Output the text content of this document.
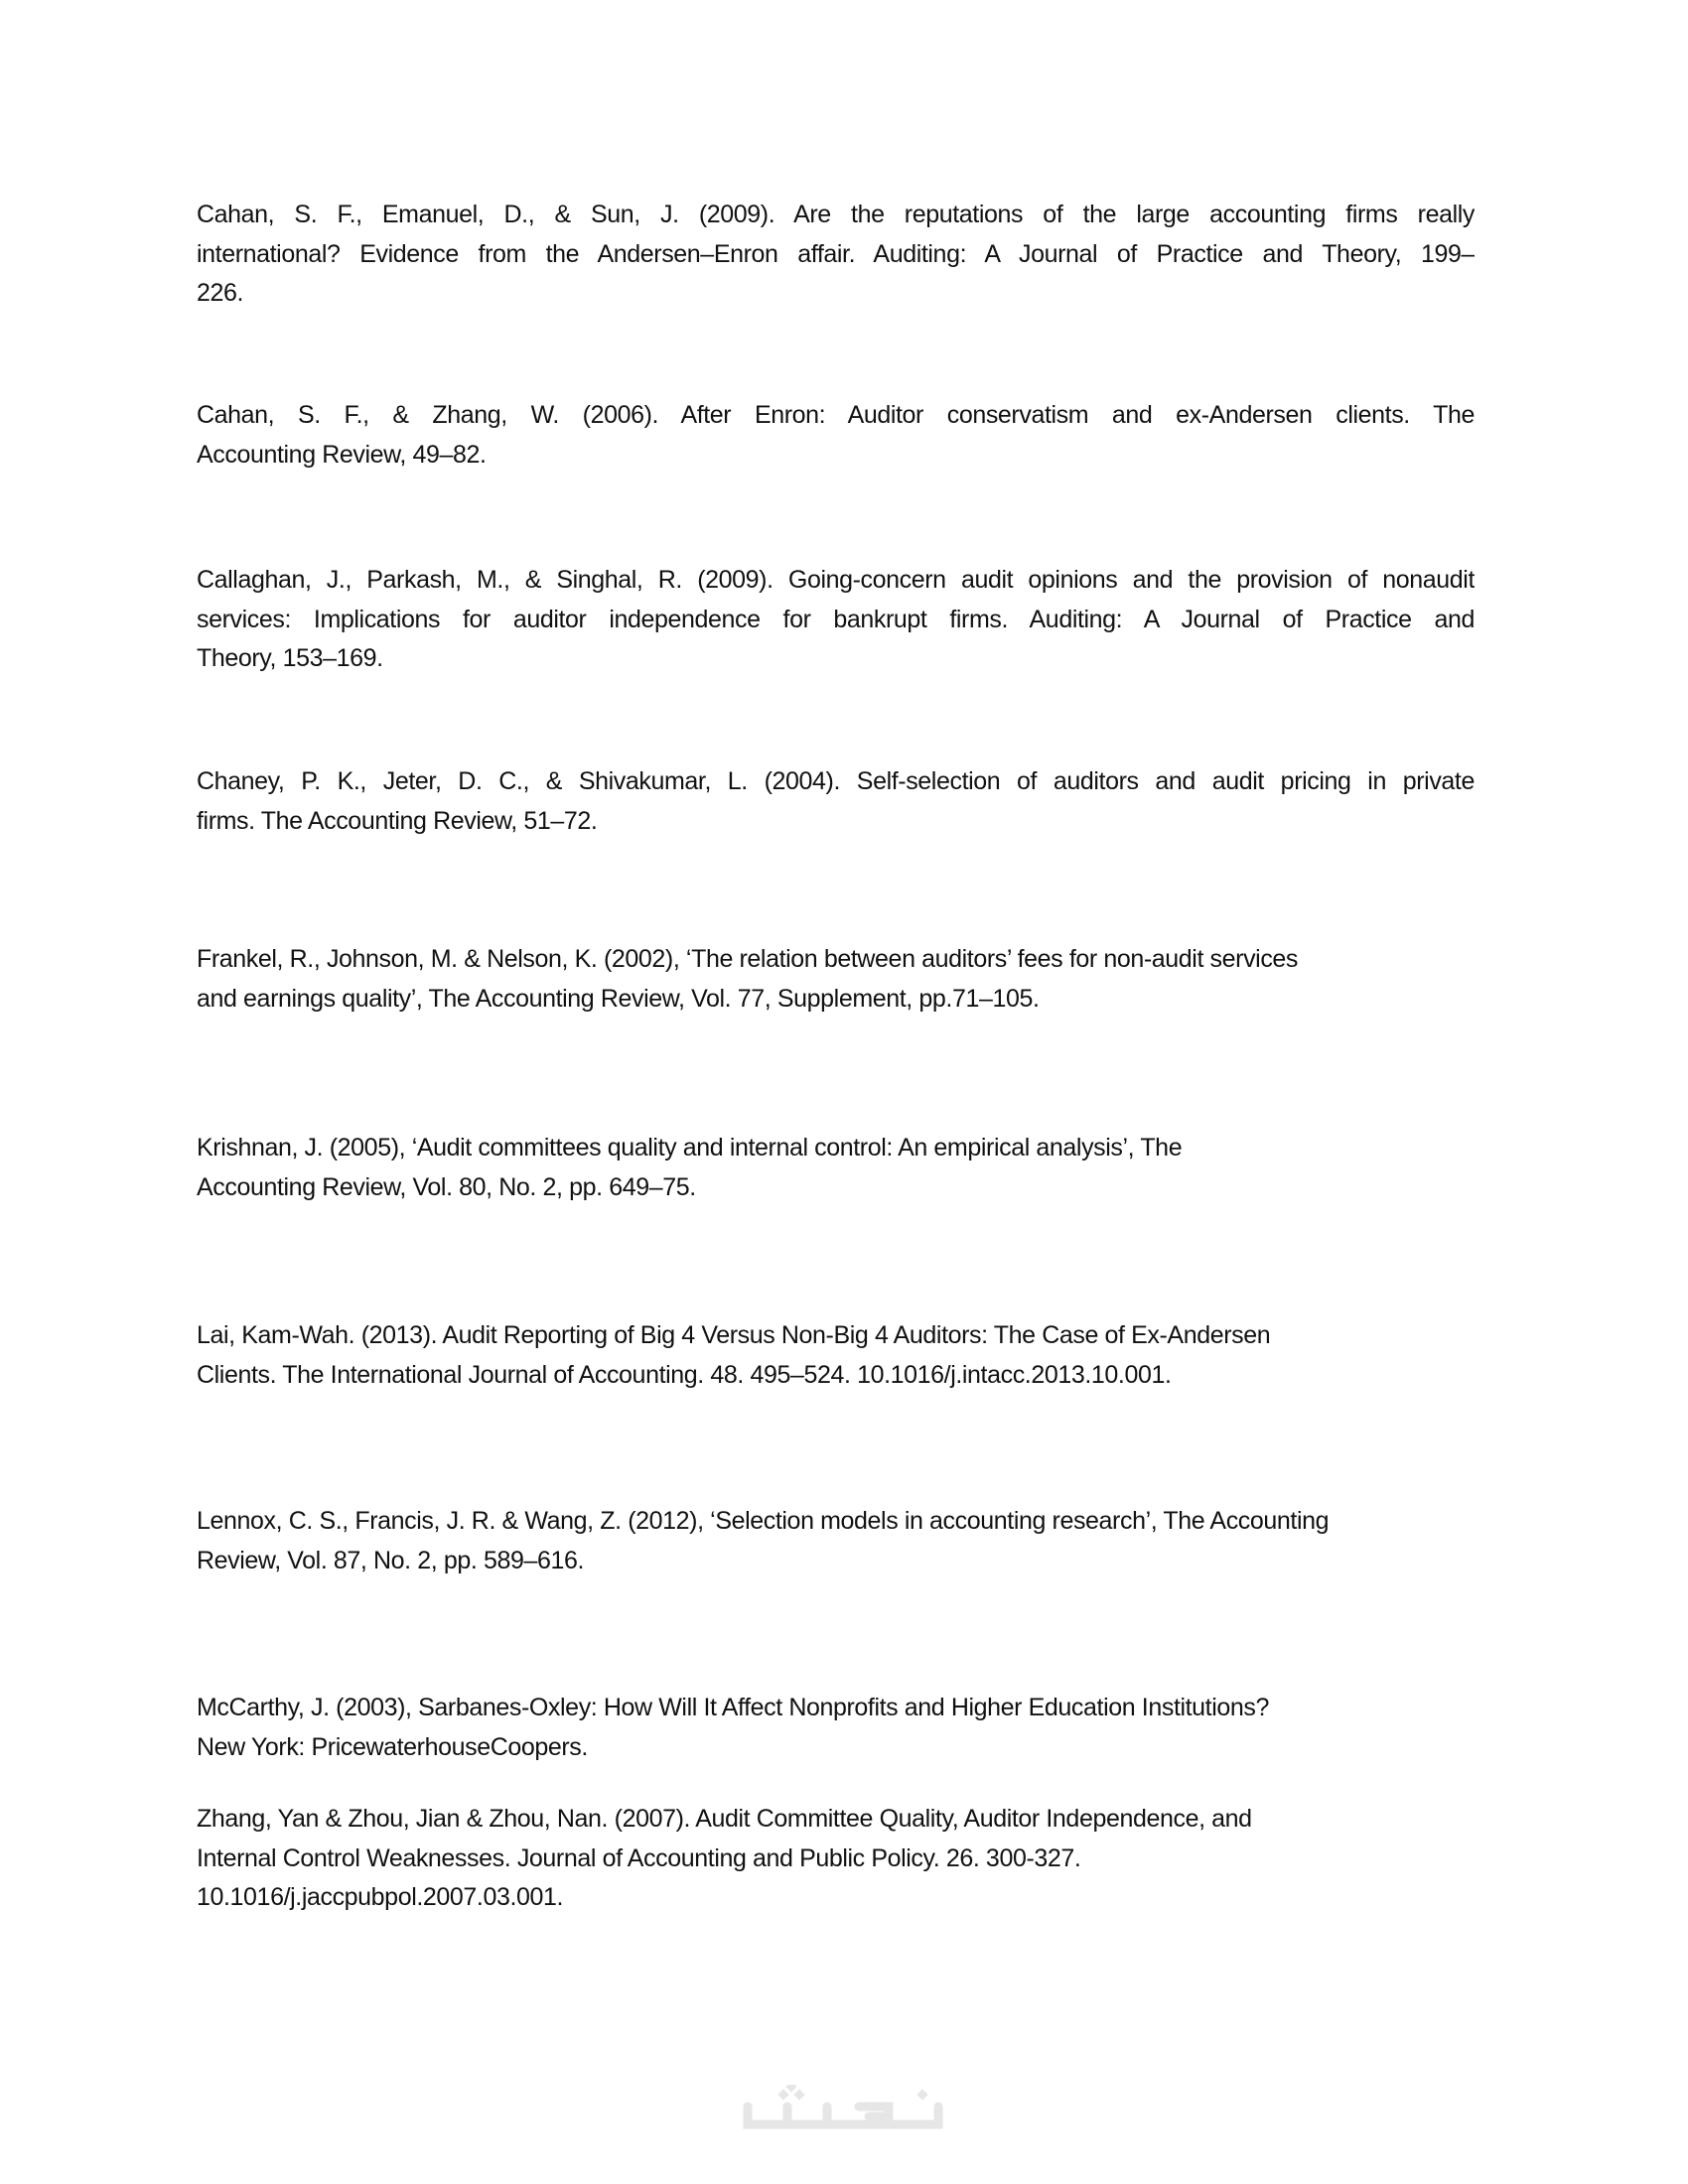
Cahan, S. F., Emanuel, D., & Sun, J. (2009). Are the reputations of the large accounting firms really
international? Evidence from the Andersen–Enron affair. Auditing: A Journal of Practice and Theory, 199–
226.
Cahan, S. F., & Zhang, W. (2006). After Enron: Auditor conservatism and ex-Andersen clients. The
Accounting Review, 49–82.
Callaghan, J., Parkash, M., & Singhal, R. (2009). Going-concern audit opinions and the provision of nonaudit
services: Implications for auditor independence for bankrupt firms. Auditing: A Journal of Practice and
Theory, 153–169.
Chaney, P. K., Jeter, D. C., & Shivakumar, L. (2004). Self-selection of auditors and audit pricing in private
firms. The Accounting Review, 51–72.
Frankel, R., Johnson, M. & Nelson, K. (2002), ‘The relation between auditors’ fees for non-audit services
and earnings quality’, The Accounting Review, Vol. 77, Supplement, pp.71–105.
Krishnan, J. (2005), ‘Audit committees quality and internal control: An empirical analysis’, The
Accounting Review, Vol. 80, No. 2, pp. 649–75.
Lai, Kam-Wah. (2013). Audit Reporting of Big 4 Versus Non-Big 4 Auditors: The Case of Ex-Andersen
Clients. The International Journal of Accounting. 48. 495–524. 10.1016/j.intacc.2013.10.001.
Lennox, C. S., Francis, J. R. & Wang, Z. (2012), ‘Selection models in accounting research’, The Accounting
Review, Vol. 87, No. 2, pp. 589–616.
McCarthy, J. (2003), Sarbanes-Oxley: How Will It Affect Nonprofits and Higher Education Institutions?
New York: PricewaterhouseCoopers.
Zhang, Yan & Zhou, Jian & Zhou, Nan. (2007). Audit Committee Quality, Auditor Independence, and
Internal Control Weaknesses. Journal of Accounting and Public Policy. 26. 300-327.
10.1016/j.jaccpubpol.2007.03.001.
